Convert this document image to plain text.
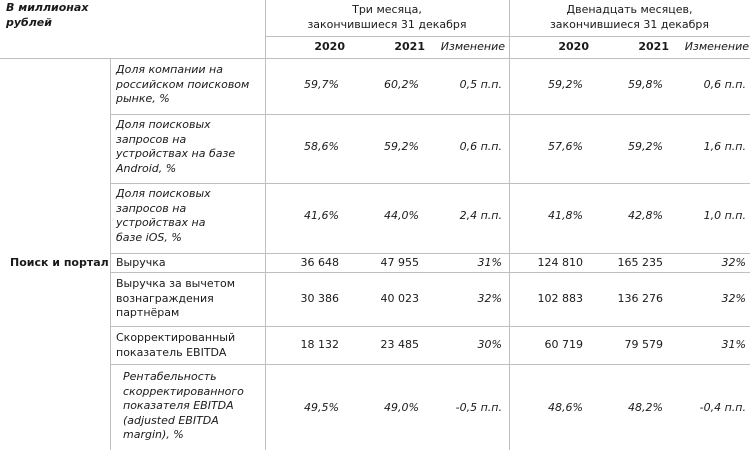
В миллионах
рублей
Три месяца,
закончившиеся 31 декабря
Двенадцать месяцев,
закончившиеся 31 декабря
2020	2021	Изменение	2020	2021	Изменение
Поиск и портал
Доля компании на
российском поисковом
рынке, %
59,7%	60,2%	0,5 п.п.	59,2%	59,8%	0,6 п.п.
Доля поисковых
запросов на
устройствах на базе
Android, %
58,6%	59,2%	0,6 п.п.	57,6%	59,2%	1,6 п.п.
Доля поисковых
запросов на
устройствах на
базе iOS, %
41,6%	44,0%	2,4 п.п.	41,8%	42,8%	1,0 п.п.
Выручка	36 648	47 955	31%	124 810	165 235	32%
Выручка за вычетом
вознаграждения
партнёрам
30 386	40 023	32%	102 883	136 276	32%
Скорректированный
показатель EBITDA
18 132	23 485	30%	60 719	79 579	31%
Рентабельность
скорректированного
показателя EBITDA
(adjusted EBITDA
margin), %
49,5%	49,0%	-0,5 п.п.	48,6%	48,2%	-0,4 п.п.
